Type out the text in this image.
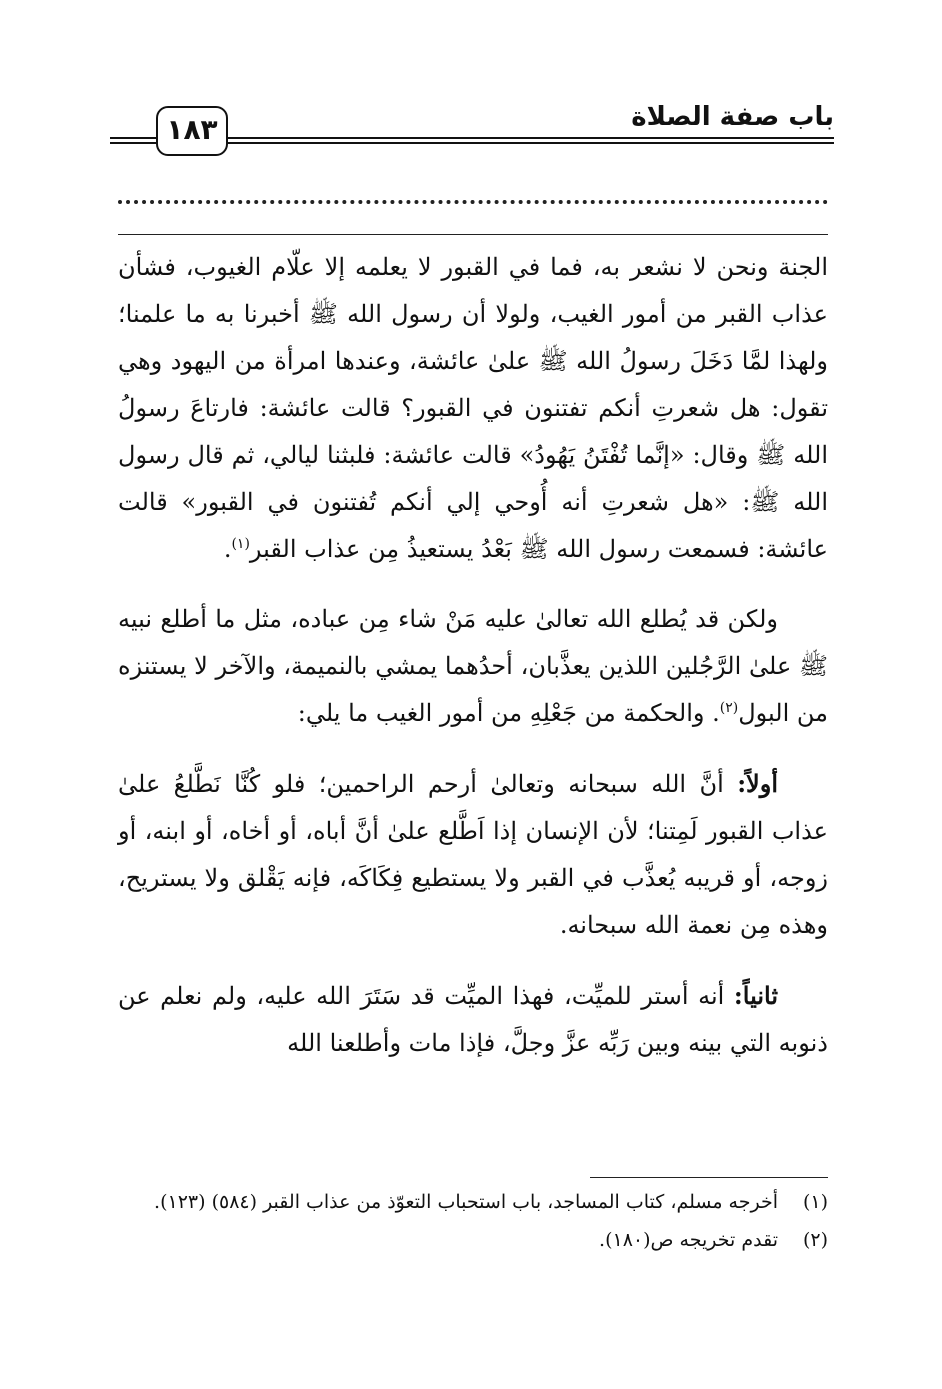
باب صفة الصلاة
١٨٣

الجنة ونحن لا نشعر به، فما في القبور لا يعلمه إلا علّام الغيوب، فشأن عذاب القبر من أمور الغيب، ولولا أن رسول الله ﷺ أخبرنا به ما علمنا؛ ولهذا لمَّا دَخَلَ رسولُ الله ﷺ علىٰ عائشة، وعندها امرأة من اليهود وهي تقول: هل شعرتِ أنكم تفتنون في القبور؟ قالت عائشة: فارتاعَ رسولُ الله ﷺ وقال: «إنَّما تُفْتَنُ يَهُودُ» قالت عائشة: فلبثنا ليالي، ثم قال رسول الله ﷺ: «هل شعرتِ أنه أُوحي إلي أنكم تُفتنون في القبور» قالت عائشة: فسمعت رسول الله ﷺ بَعْدُ يستعيذُ مِن عذاب القبر$^{(١)}$.

ولكن قد يُطلع الله تعالىٰ عليه مَنْ شاء مِن عباده، مثل ما أطلع نبيه ﷺ علىٰ الرَّجُلين اللذين يعذَّبان، أحدُهما يمشي بالنميمة، والآخر لا يستنزه من البول$^{(٢)}$. والحكمة من جَعْلِهِ من أمور الغيب ما يلي:

أولاً: أنَّ الله سبحانه وتعالىٰ أرحم الراحمين؛ فلو كُنَّا نَطَّلعُ علىٰ عذاب القبور لَمِتنا؛ لأن الإنسان إذا اَطَّلع علىٰ أنَّ أباه، أو أخاه، أو ابنه، أو زوجه، أو قريبه يُعذَّب في القبر ولا يستطيع فِكَاكَه، فإنه يَقْلق ولا يستريح، وهذه مِن نعمة الله سبحانه.

ثانياً: أنه أستر للميِّت، فهذا الميِّت قد سَتَرَ الله عليه، ولم نعلم عن ذنوبه التي بينه وبين رَبِّه عزَّ وجلَّ، فإذا مات وأطلعنا الله

(١)
أخرجه مسلم، كتاب المساجد، باب استحباب التعوّذ من عذاب القبر (٥٨٤) (١٢٣).
(٢)
تقدم تخريجه ص(١٨٠).
